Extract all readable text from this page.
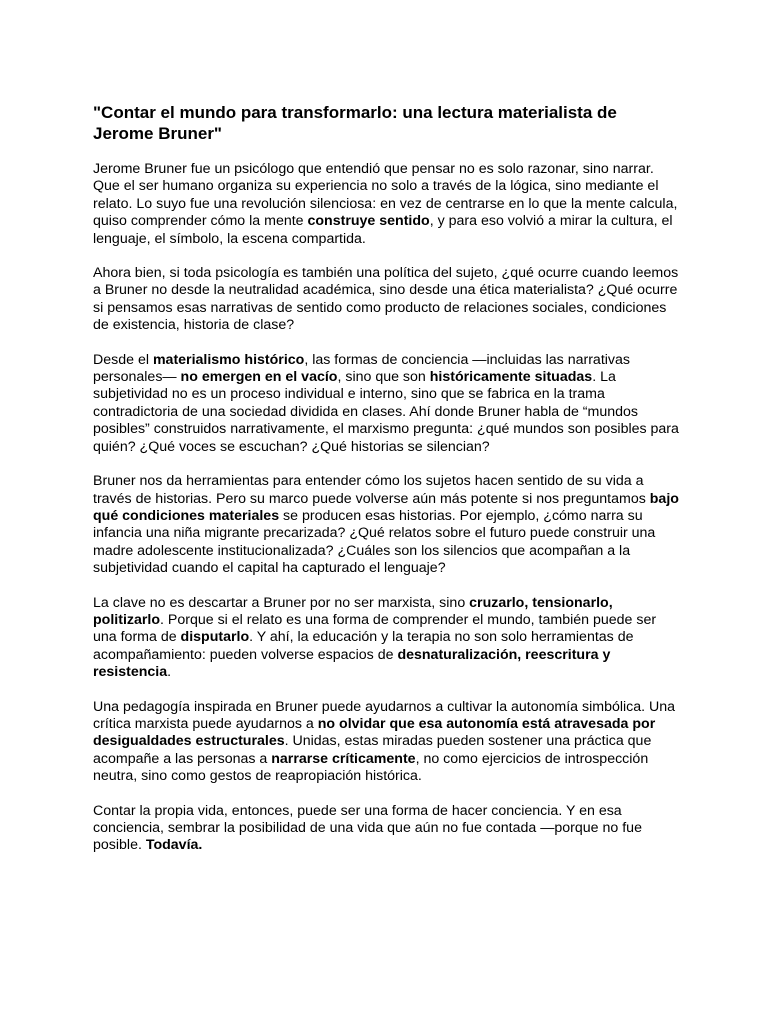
"Contar el mundo para transformarlo: una lectura materialista de Jerome Bruner"

Jerome Bruner fue un psicólogo que entendió que pensar no es solo razonar, sino narrar. Que el ser humano organiza su experiencia no solo a través de la lógica, sino mediante el relato. Lo suyo fue una revolución silenciosa: en vez de centrarse en lo que la mente calcula, quiso comprender cómo la mente construye sentido, y para eso volvió a mirar la cultura, el lenguaje, el símbolo, la escena compartida.

Ahora bien, si toda psicología es también una política del sujeto, ¿qué ocurre cuando leemos a Bruner no desde la neutralidad académica, sino desde una ética materialista? ¿Qué ocurre si pensamos esas narrativas de sentido como producto de relaciones sociales, condiciones de existencia, historia de clase?

Desde el materialismo histórico, las formas de conciencia —incluidas las narrativas personales— no emergen en el vacío, sino que son históricamente situadas. La subjetividad no es un proceso individual e interno, sino que se fabrica en la trama contradictoria de una sociedad dividida en clases. Ahí donde Bruner habla de “mundos posibles” construidos narrativamente, el marxismo pregunta: ¿qué mundos son posibles para quién? ¿Qué voces se escuchan? ¿Qué historias se silencian?

Bruner nos da herramientas para entender cómo los sujetos hacen sentido de su vida a través de historias. Pero su marco puede volverse aún más potente si nos preguntamos bajo qué condiciones materiales se producen esas historias. Por ejemplo, ¿cómo narra su infancia una niña migrante precarizada? ¿Qué relatos sobre el futuro puede construir una madre adolescente institucionalizada? ¿Cuáles son los silencios que acompañan a la subjetividad cuando el capital ha capturado el lenguaje?

La clave no es descartar a Bruner por no ser marxista, sino cruzarlo, tensionarlo, politizarlo. Porque si el relato es una forma de comprender el mundo, también puede ser una forma de disputarlo. Y ahí, la educación y la terapia no son solo herramientas de acompañamiento: pueden volverse espacios de desnaturalización, reescritura y resistencia.

Una pedagogía inspirada en Bruner puede ayudarnos a cultivar la autonomía simbólica. Una crítica marxista puede ayudarnos a no olvidar que esa autonomía está atravesada por desigualdades estructurales. Unidas, estas miradas pueden sostener una práctica que acompañe a las personas a narrarse críticamente, no como ejercicios de introspección neutra, sino como gestos de reapropiación histórica.

Contar la propia vida, entonces, puede ser una forma de hacer conciencia. Y en esa conciencia, sembrar la posibilidad de una vida que aún no fue contada —porque no fue posible. Todavía.
